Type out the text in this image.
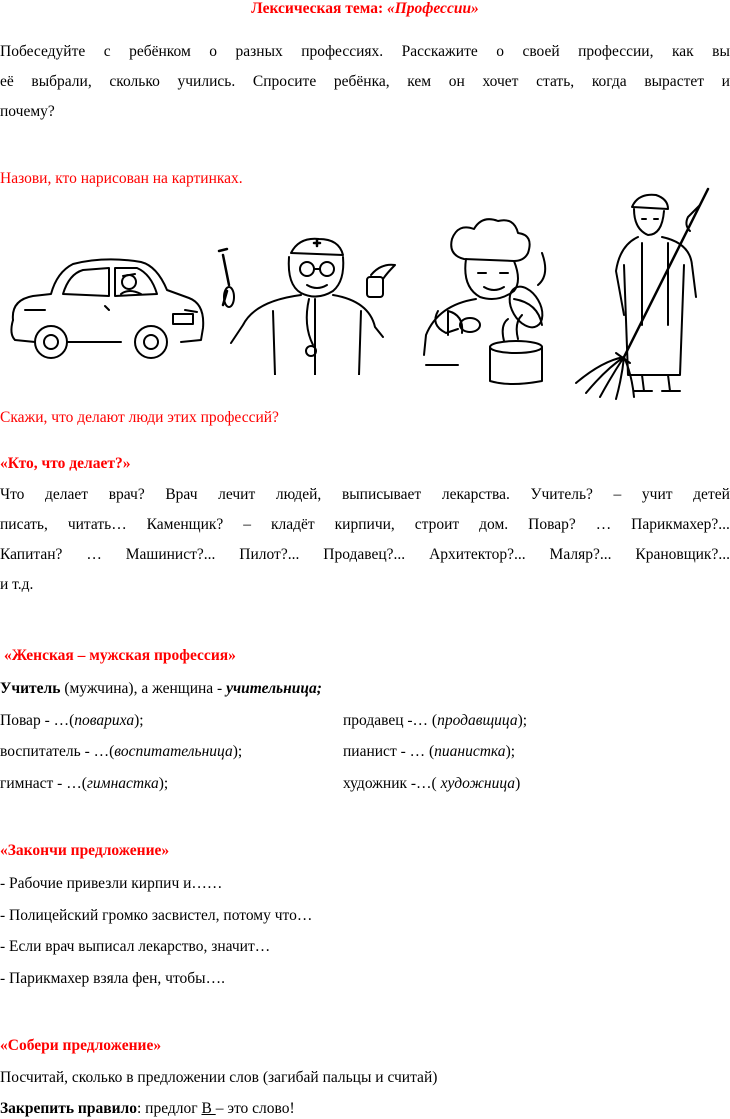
Лексическая тема: «Профессии»
Побеседуйте с ребёнком о разных профессиях. Расскажите о своей профессии, как вы
её выбрали, сколько учились. Спросите ребёнка, кем он хочет стать, когда вырастет и
почему?
Назови, кто нарисован на картинках.
Скажи, что делают люди этих профессий?
«Кто, что делает?»
Что делает врач? Врач лечит людей, выписывает лекарства. Учитель? – учит детей
писать, читать… Каменщик? – кладёт кирпичи, строит дом. Повар? … Парикмахер?...
Капитан? … Машинист?... Пилот?... Продавец?... Архитектор?... Маляр?... Крановщик?...
и т.д.
«Женская – мужская профессия»
Учитель (мужчина), а женщина - учительница;
Повар - …(повариха);	продавец -… (продавщица);
воспитатель - …(воспитательница);	пианист - … (пианистка);
гимнаст - …(гимнастка);	художник -…( художница)
«Закончи предложение»
- Рабочие привезли кирпич и……
- Полицейский громко засвистел, потому что…
- Если врач выписал лекарство, значит…
- Парикмахер взяла фен, чтобы….
«Собери предложение»
Посчитай, сколько в предложении слов (загибай пальцы и считай)
Закрепить правило: предлог В – это слово!
